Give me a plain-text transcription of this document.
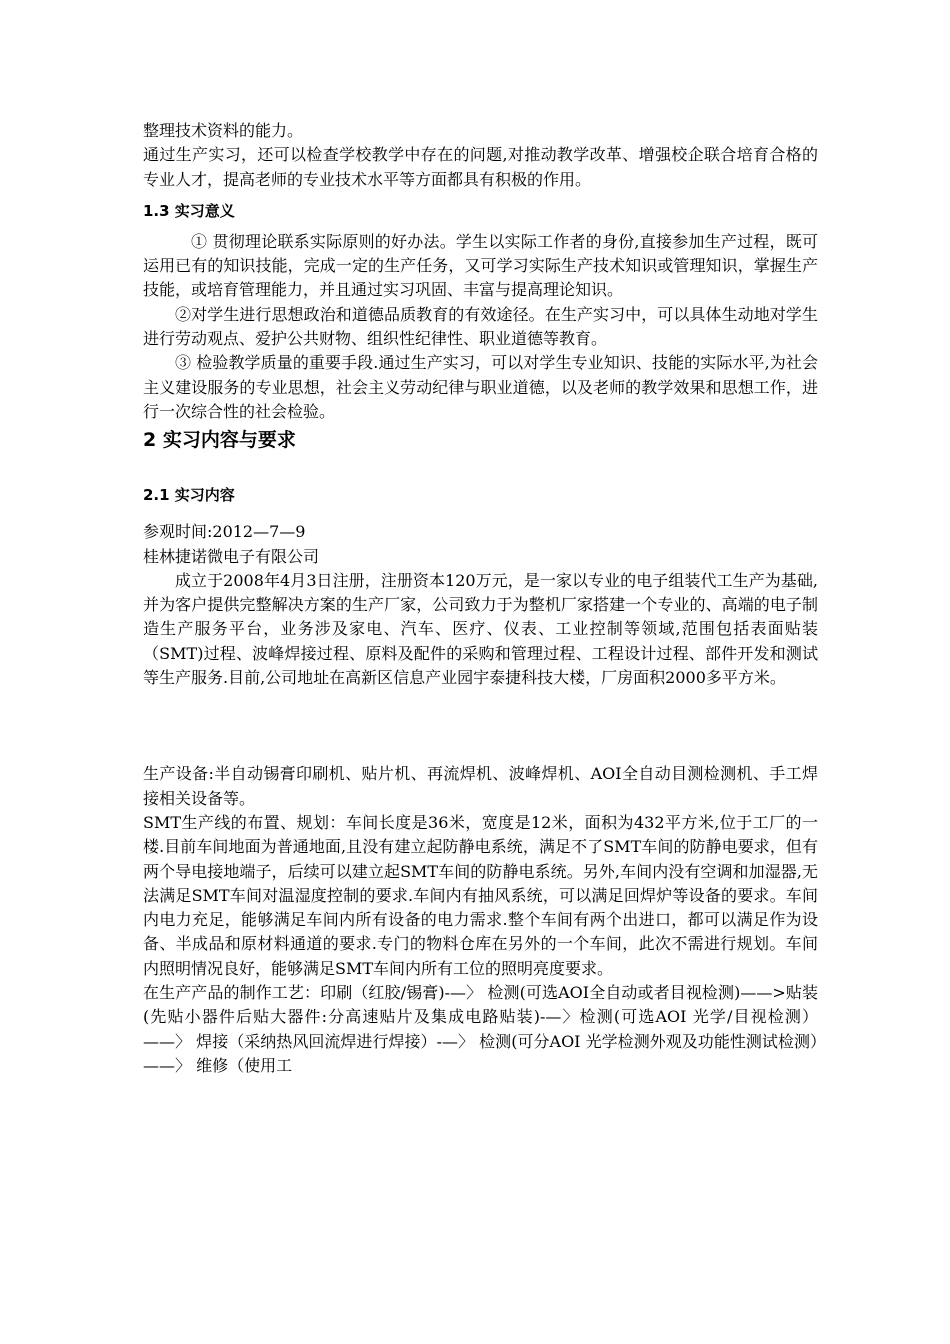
整理技术资料的能力。

通过生产实习，还可以检查学校教学中存在的问题,对推动教学改革、增强校企联合培育合格的专业人才，提高老师的专业技术水平等方面都具有积极的作用。

1.3 实习意义

① 贯彻理论联系实际原则的好办法。学生以实际工作者的身份,直接参加生产过程，既可运用已有的知识技能，完成一定的生产任务，又可学习实际生产技术知识或管理知识，掌握生产技能，或培育管理能力，并且通过实习巩固、丰富与提高理论知识。

②对学生进行思想政治和道德品质教育的有效途径。在生产实习中，可以具体生动地对学生进行劳动观点、爱护公共财物、组织性纪律性、职业道德等教育。

③ 检验教学质量的重要手段.通过生产实习，可以对学生专业知识、技能的实际水平,为社会主义建设服务的专业思想，社会主义劳动纪律与职业道德，以及老师的教学效果和思想工作，进行一次综合性的社会检验。

2 实习内容与要求

2.1 实习内容

参观时间:2012—7—9

桂林捷诺微电子有限公司

成立于2008年4月3日注册，注册资本120万元，是一家以专业的电子组装代工生产为基础,并为客户提供完整解决方案的生产厂家，公司致力于为整机厂家搭建一个专业的、高端的电子制造生产服务平台，业务涉及家电、汽车、医疗、仪表、工业控制等领域,范围包括表面贴装（SMT)过程、波峰焊接过程、原料及配件的采购和管理过程、工程设计过程、部件开发和测试等生产服务.目前,公司地址在高新区信息产业园宇泰捷科技大楼，厂房面积2000多平方米。

生产设备:半自动锡膏印刷机、贴片机、再流焊机、波峰焊机、AOI全自动目测检测机、手工焊接相关设备等。

SMT生产线的布置、规划：车间长度是36米，宽度是12米，面积为432平方米,位于工厂的一楼.目前车间地面为普通地面,且没有建立起防静电系统，满足不了SMT车间的防静电要求，但有两个导电接地端子，后续可以建立起SMT车间的防静电系统。另外,车间内没有空调和加湿器,无法满足SMT车间对温湿度控制的要求.车间内有抽风系统，可以满足回焊炉等设备的要求。车间内电力充足，能够满足车间内所有设备的电力需求.整个车间有两个出进口，都可以满足作为设备、半成品和原材料通道的要求.专门的物料仓库在另外的一个车间，此次不需进行规划。车间内照明情况良好，能够满足SMT车间内所有工位的照明亮度要求。

在生产产品的制作工艺：印刷（红胶/锡膏)-—〉 检测(可选AOI全自动或者目视检测)——>贴装(先贴小器件后贴大器件:分高速贴片及集成电路贴装)-—〉检测(可选AOI 光学/目视检测）——〉 焊接（采纳热风回流焊进行焊接）-—〉 检测(可分AOI 光学检测外观及功能性测试检测）——〉 维修（使用工
